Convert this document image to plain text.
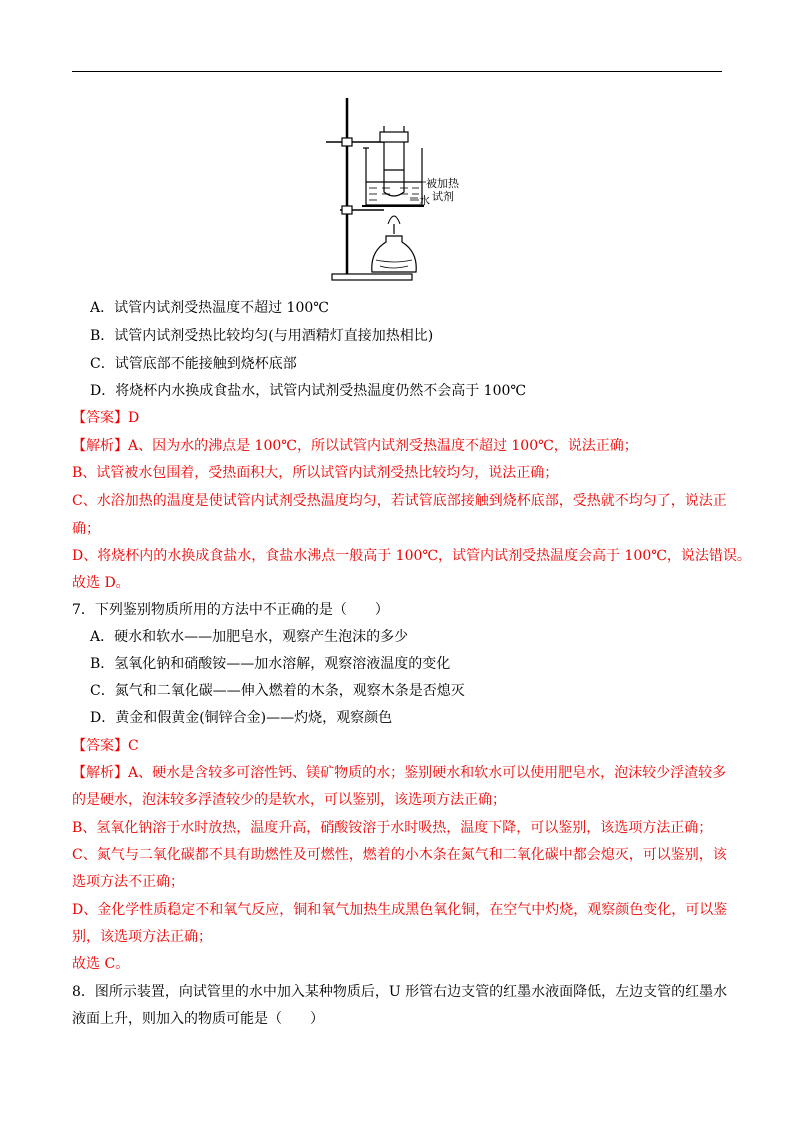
被加热
试剂
水
A．试管内试剂受热温度不超过 100℃
B．试管内试剂受热比较均匀(与用酒精灯直接加热相比)
C．试管底部不能接触到烧杯底部
D．将烧杯内水换成食盐水，试管内试剂受热温度仍然不会高于 100℃
【答案】D
【解析】A、因为水的沸点是 100℃，所以试管内试剂受热温度不超过 100℃，说法正确；
B、试管被水包围着，受热面积大，所以试管内试剂受热比较均匀，说法正确；
C、水浴加热的温度是使试管内试剂受热温度均匀，若试管底部接触到烧杯底部，受热就不均匀了，说法正
确；
D、将烧杯内的水换成食盐水，食盐水沸点一般高于 100℃，试管内试剂受热温度会高于 100℃，说法错误。
故选 D。
7．下列鉴别物质所用的方法中不正确的是（　　）
A．硬水和软水——加肥皂水，观察产生泡沫的多少
B．氢氧化钠和硝酸铵——加水溶解，观察溶液温度的变化
C．氮气和二氧化碳——伸入燃着的木条，观察木条是否熄灭
D．黄金和假黄金(铜锌合金)——灼烧，观察颜色
【答案】C
【解析】A、硬水是含较多可溶性钙、镁矿物质的水；鉴别硬水和软水可以使用肥皂水，泡沫较少浮渣较多
的是硬水，泡沫较多浮渣较少的是软水，可以鉴别，该选项方法正确；
B、氢氧化钠溶于水时放热，温度升高，硝酸铵溶于水时吸热，温度下降，可以鉴别，该选项方法正确；
C、氮气与二氧化碳都不具有助燃性及可燃性，燃着的小木条在氮气和二氧化碳中都会熄灭，可以鉴别，该
选项方法不正确；
D、金化学性质稳定不和氧气反应，铜和氧气加热生成黑色氧化铜，在空气中灼烧，观察颜色变化，可以鉴
别，该选项方法正确；
故选 C。
8．图所示装置，向试管里的水中加入某种物质后，U 形管右边支管的红墨水液面降低，左边支管的红墨水
液面上升，则加入的物质可能是（　　）
